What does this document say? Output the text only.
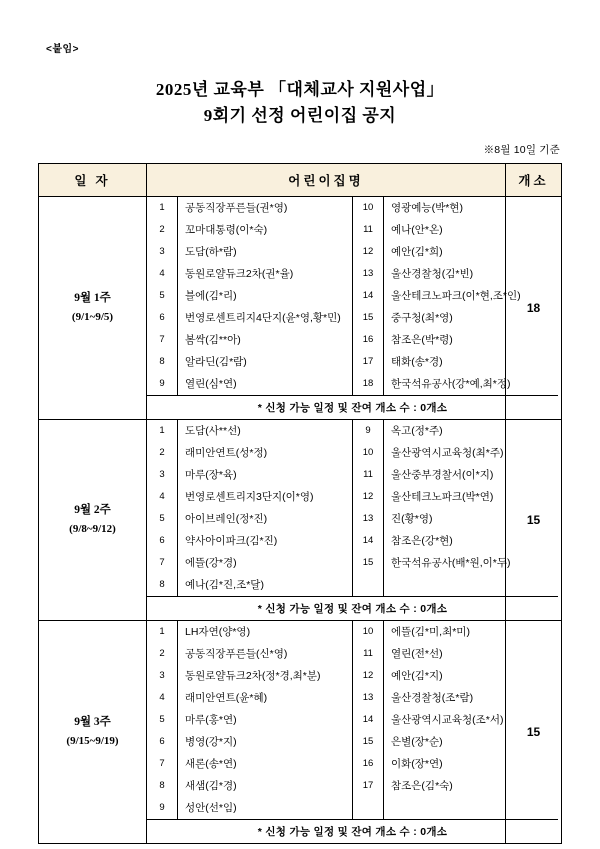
<붙임>
2025년 교육부 「대체교사 지원사업」
9회기 선정 어린이집 공지
※8월 10일 기준
일 자	어린이집명	개소
9월 1주
(9/1~9/5)

1	공동직장푸른들(권*영)	10	영광예능(박*현)
2	꼬마대통령(이*숙)	11	예나(안*온)
3	도담(하*람)	12	예안(김*희)
4	동원로얄듀크2차(권*율)	13	울산경찰청(김*빈)
5	블에(김*리)	14	울산테크노파크(이*현,조*인)
6	번영로센트리지4단지(윤*영,황*민)	15	중구청(최*영)
7	봄싹(김**아)	16	참조은(박*령)
8	알라딘(김*람)	17	태화(송*경)
9	열린(심*연)	18	한국석유공사(강*예,최*정)
* 신청 가능 일정 및 잔여 개소 수 : 0개소
	18
9월 2주
(9/8~9/12)

1	도담(사**선)	9	옥고(정*주)
2	래미안연트(성*정)	10	울산광역시교육청(최*주)
3	마루(장*육)	11	울산중부경찰서(이*지)
4	번영로센트리지3단지(이*영)	12	울산테크노파크(박*연)
5	아이브레인(정*진)	13	진(황*영)
6	약사아이파크(김*진)	14	참조은(강*현)
7	에뜰(강*경)	15	한국석유공사(배*원,이*두)
8	예나(김*진,조*달)		
* 신청 가능 일정 및 잔여 개소 수 : 0개소
	15
9월 3주
(9/15~9/19)

1	LH자연(양*영)	10	에뜰(김*미,최*미)
2	공동직장푸른들(신*영)	11	열린(전*선)
3	동원로얄듀크2차(정*경,최*분)	12	예안(김*지)
4	래미안연트(윤*혜)	13	울산경찰청(조*람)
5	마루(홍*연)	14	울산광역시교육청(조*서)
6	병영(강*지)	15	은별(장*순)
7	새론(송*연)	16	이화(장*연)
8	새샘(김*경)	17	참조은(김*숙)
9	성안(선*임)		
* 신청 가능 일정 및 잔여 개소 수 : 0개소
	15
